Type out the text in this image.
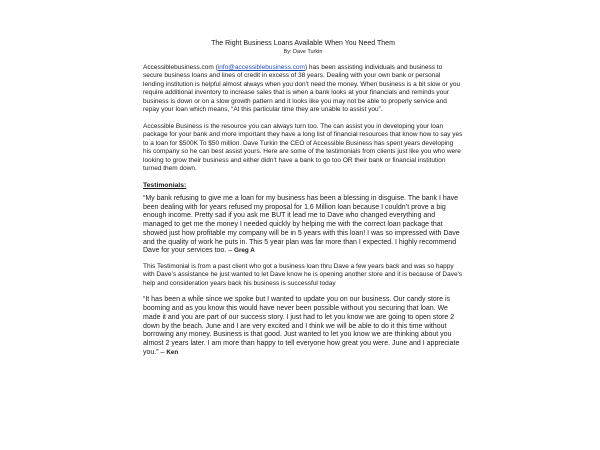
The Right Business Loans Available When You Need Them

By: Dave Turkin

Accessiblebusiness.com (info@accessiblebusiness.com) has been assisting individuals and business to secure business loans and lines of credit in excess of 38 years. Dealing with your own bank or personal lending institution is helpful almost always when you don’t need the money. When business is a bit slow or you require additional inventory to increase sales that is when a bank looks at your financials and reminds your business is down or on a slow growth pattern and it looks like you may not be able to properly service and repay your loan which means, “At this particular time they are unable to assist you”.

Accessible Business is the resource you can always turn too. The can assist you in developing your loan package for your bank and more important they have a long list of financial resources that know how to say yes to a loan for $500K To $50 million. Dave Turkin the CEO of Accessible Business has spent years developing his company so he can best assist yours. Here are some of the testimonials from clients just like you who were looking to grow their business and either didn’t have a bank to go too OR their bank or financial institution turned them down.

Testimonials:

“My bank refusing to give me a loan for my business has been a blessing in disguise. The bank I have been dealing with for years refused my proposal for 1.6 Million loan because I couldn’t prove a big enough income. Pretty sad if you ask me BUT it lead me to Dave who changed everything and managed to get me the money I needed quickly by helping me with the correct loan package that showed just how profitable my company will be in 5 years with this loan! I was so impressed with Dave and the quality of work he puts in. This 5 year plan was far more than I expected. I highly recommend Dave for your services too. – Greg A

This Testimonial is from a past client who got a business loan thru Dave a few years back and was so happy with Dave’s assistance he just wanted to let Dave know he is opening another store and it is because of Dave's help and consideration years back his business is successful today

“It has been a while since we spoke but I wanted to update you on our business. Our candy store is booming and as you know this would have never been possible without you securing that loan. We made it and you are part of our success story. I just had to let you know we are going to open store 2 down by the beach. June and I are very excited and I think we will be able to do it this time without borrowing any money. Business is that good. Just wanted to let you know we are thinking about you almost 2 years later. I am more than happy to tell everyone how great you were. June and I appreciate you.” – Ken
